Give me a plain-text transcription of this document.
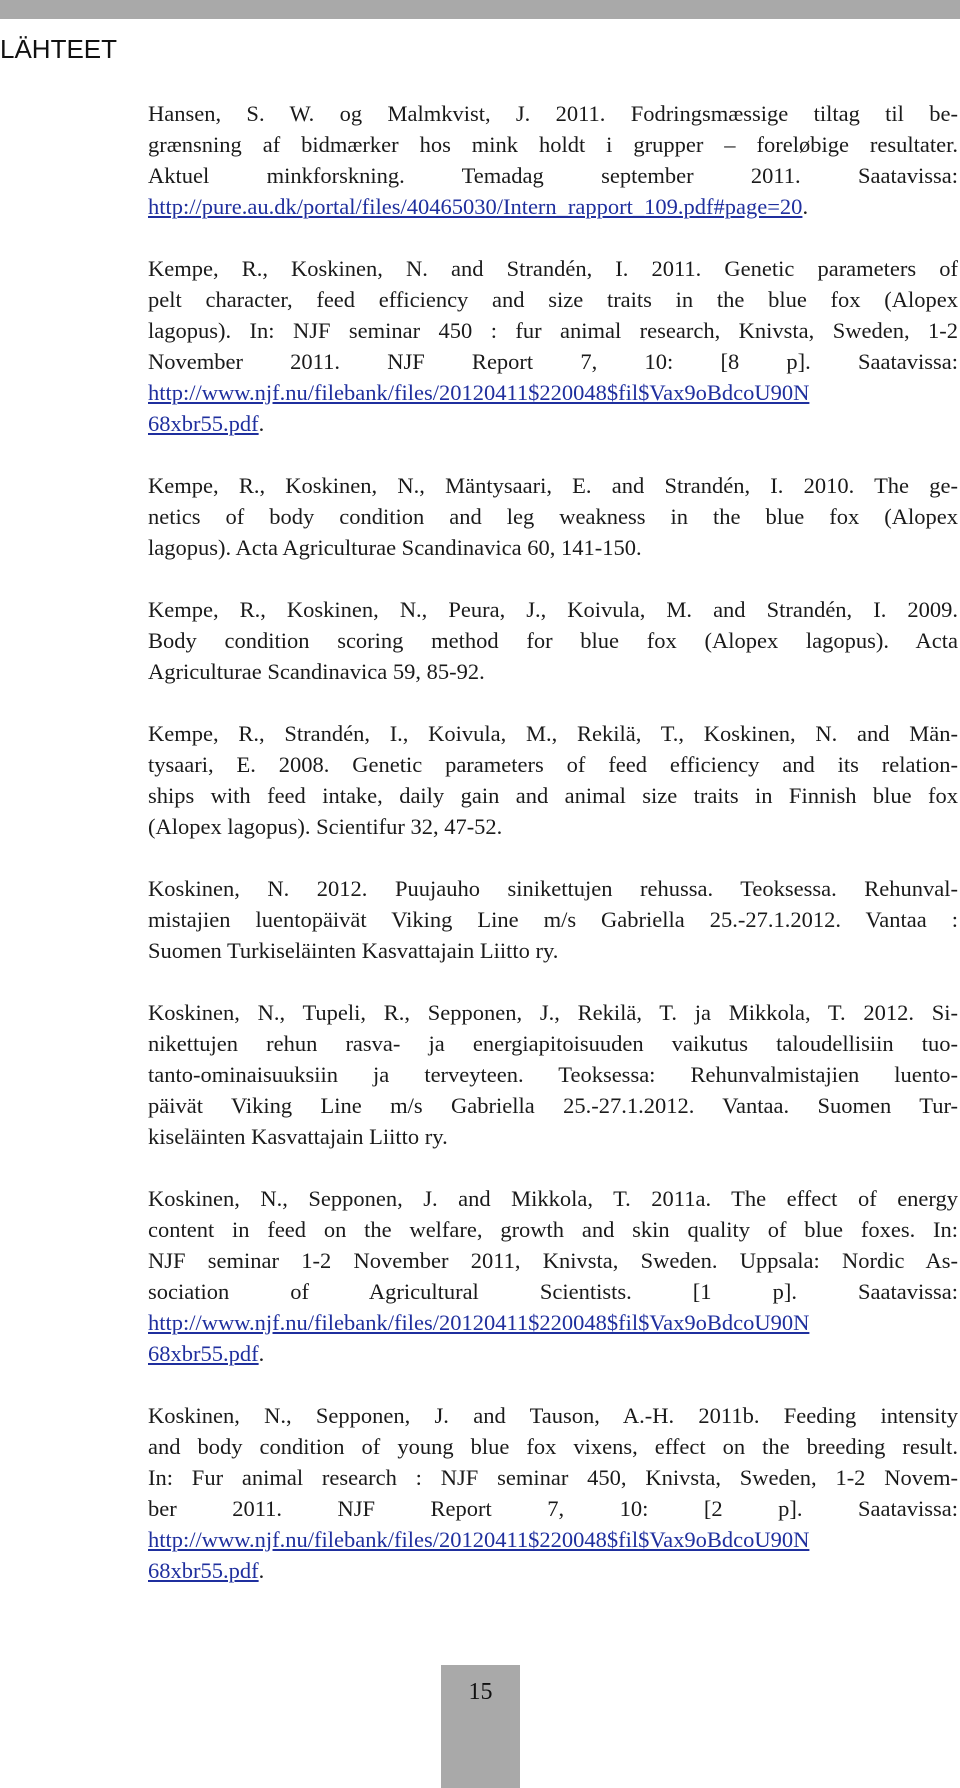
LÄHTEET

Hansen, S. W. og Malmkvist, J. 2011. Fodringsmæssige tiltag til be-
grænsning af bidmærker hos mink holdt i grupper – foreløbige resultater.
Aktuel minkforskning. Temadag september 2011. Saatavissa:
http://pure.au.dk/portal/files/40465030/Intern_rapport_109.pdf#page=20.

Kempe, R., Koskinen, N. and Strandén, I. 2011. Genetic parameters of
pelt character, feed efficiency and size traits in the blue fox (Alopex
lagopus). In: NJF seminar 450 : fur animal research, Knivsta, Sweden, 1-2
November 2011. NJF Report 7, 10: [8 p]. Saatavissa:
http://www.njf.nu/filebank/files/20120411$220048$fil$Vax9oBdcoU90N
68xbr55.pdf.

Kempe, R., Koskinen, N., Mäntysaari, E. and Strandén, I. 2010. The ge-
netics of body condition and leg weakness in the blue fox (Alopex
lagopus). Acta Agriculturae Scandinavica 60, 141-150.

Kempe, R., Koskinen, N., Peura, J., Koivula, M. and Strandén, I. 2009.
Body condition scoring method for blue fox (Alopex lagopus). Acta
Agriculturae Scandinavica 59, 85-92.

Kempe, R., Strandén, I., Koivula, M., Rekilä, T., Koskinen, N. and Män-
tysaari, E. 2008. Genetic parameters of feed efficiency and its relation-
ships with feed intake, daily gain and animal size traits in Finnish blue fox
(Alopex lagopus). Scientifur 32, 47-52.

Koskinen, N. 2012. Puujauho sinikettujen rehussa. Teoksessa. Rehunval-
mistajien luentopäivät Viking Line m/s Gabriella 25.-27.1.2012. Vantaa :
Suomen Turkiseläinten Kasvattajain Liitto ry.

Koskinen, N., Tupeli, R., Sepponen, J., Rekilä, T. ja Mikkola, T. 2012. Si-
nikettujen rehun rasva- ja energiapitoisuuden vaikutus taloudellisiin tuo-
tanto-ominaisuuksiin ja terveyteen. Teoksessa: Rehunvalmistajien luento-
päivät Viking Line m/s Gabriella 25.-27.1.2012. Vantaa. Suomen Tur-
kiseläinten Kasvattajain Liitto ry.

Koskinen, N., Sepponen, J. and Mikkola, T. 2011a. The effect of energy
content in feed on the welfare, growth and skin quality of blue foxes. In:
NJF seminar 1-2 November 2011, Knivsta, Sweden. Uppsala: Nordic As-
sociation of Agricultural Scientists. [1 p]. Saatavissa:
http://www.njf.nu/filebank/files/20120411$220048$fil$Vax9oBdcoU90N
68xbr55.pdf.

Koskinen, N., Sepponen, J. and Tauson, A.-H. 2011b. Feeding intensity
and body condition of young blue fox vixens, effect on the breeding result.
In: Fur animal research : NJF seminar 450, Knivsta, Sweden, 1-2 Novem-
ber 2011. NJF Report 7, 10: [2 p]. Saatavissa:
http://www.njf.nu/filebank/files/20120411$220048$fil$Vax9oBdcoU90N
68xbr55.pdf.

15
